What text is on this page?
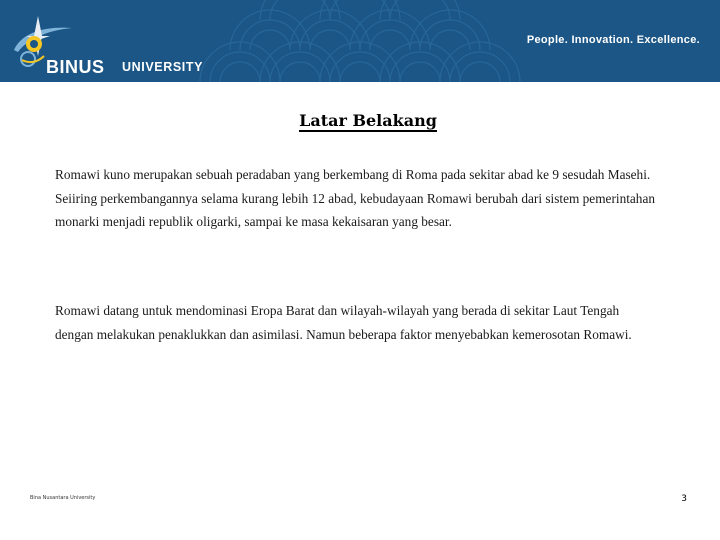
BINUS UNIVERSITY
People. Innovation. Excellence.
Latar Belakang

Romawi kuno merupakan sebuah peradaban yang berkembang di Roma pada sekitar abad ke 9 sesudah Masehi. Seiiring perkembangannya selama kurang lebih 12 abad, kebudayaan Romawi berubah dari sistem pemerintahan monarki menjadi republik oligarki, sampai ke masa kekaisaran yang besar.

Romawi datang untuk mendominasi Eropa Barat dan wilayah-wilayah yang berada di sekitar Laut Tengah dengan melakukan penaklukkan dan asimilasi. Namun beberapa faktor menyebabkan kemerosotan Romawi.

Bina Nusantara University	3
